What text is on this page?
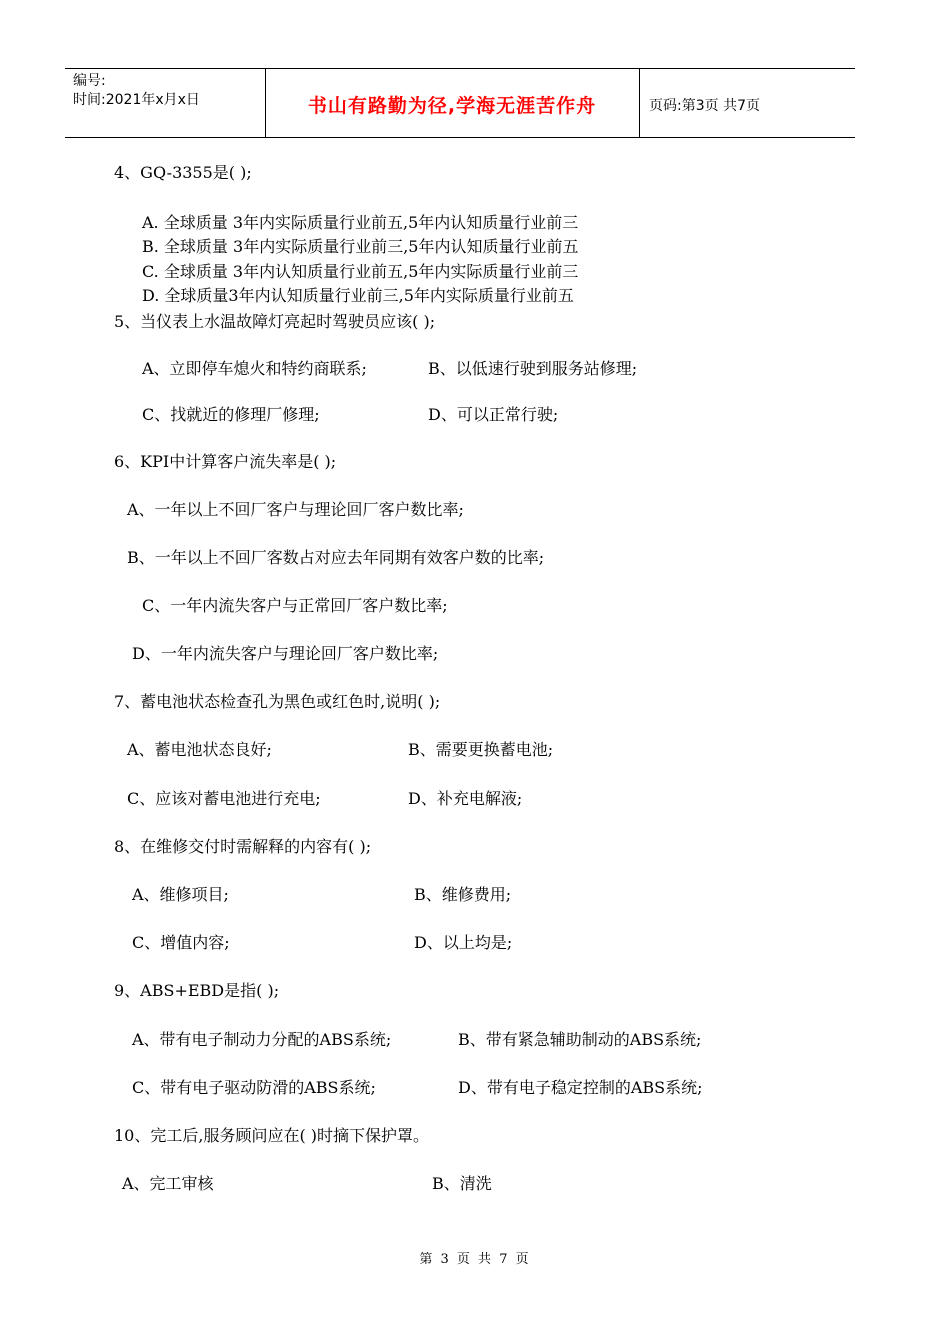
编号:
时间:2021年x月x日	书山有路勤为径,学海无涯苦作舟	页码:第3页 共7页
4、GQ-3355是( );
A. 全球质量 3年内实际质量行业前五,5年内认知质量行业前三
B. 全球质量 3年内实际质量行业前三,5年内认知质量行业前五
C. 全球质量 3年内认知质量行业前五,5年内实际质量行业前三
D. 全球质量3年内认知质量行业前三,5年内实际质量行业前五
5、当仪表上水温故障灯亮起时驾驶员应该( );
A、立即停车熄火和特约商联系;	B、以低速行驶到服务站修理;
C、找就近的修理厂修理;	D、可以正常行驶;
6、KPI中计算客户流失率是( );
A、一年以上不回厂客户与理论回厂客户数比率;
B、一年以上不回厂客数占对应去年同期有效客户数的比率;
C、一年内流失客户与正常回厂客户数比率;
D、一年内流失客户与理论回厂客户数比率;
7、蓄电池状态检查孔为黑色或红色时,说明( );
A、蓄电池状态良好;	B、需要更换蓄电池;
C、应该对蓄电池进行充电;	D、补充电解液;
8、在维修交付时需解释的内容有( );
A、维修项目;	B、维修费用;
C、增值内容;	D、以上均是;
9、ABS+EBD是指( );
A、带有电子制动力分配的ABS系统;	B、带有紧急辅助制动的ABS系统;
C、带有电子驱动防滑的ABS系统;	D、带有电子稳定控制的ABS系统;
10、完工后,服务顾问应在( )时摘下保护罩。
A、完工审核	B、清洗
第 3 页 共 7 页
